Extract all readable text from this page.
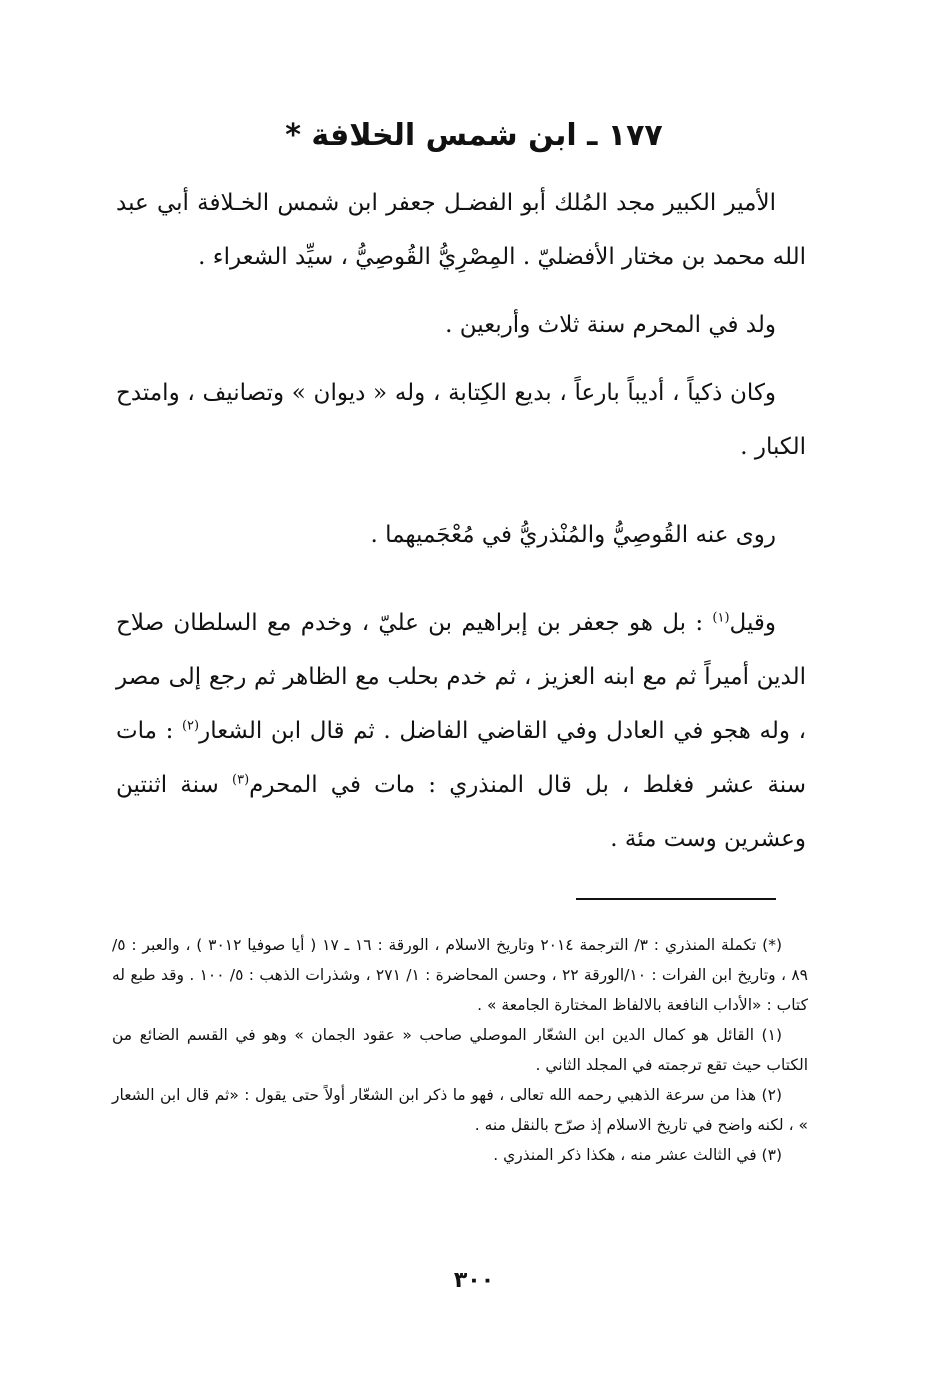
١٧٧ ـ ابن شمس الخلافة *

الأمير الكبير مجد المُلك أبو الفضـل جعفر ابن شمس الخـلافة أبي عبد الله محمد بن مختار الأفضليّ . المِصْرِيُّ القُوصِيُّ ، سيِّد الشعراء .

ولد في المحرم سنة ثلاث وأربعين .

وكان ذكياً ، أديباً بارعاً ، بديع الكِتابة ، وله « ديوان » وتصانيف ، وامتدح الكبار .

روى عنه القُوصِيُّ والمُنْذريُّ في مُعْجَميهما .

وقيل$^{(١)}$ : بل هو جعفر بن إبراهيم بن عليّ ، وخدم مع السلطان صلاح الدين أميراً ثم مع ابنه العزيز ، ثم خدم بحلب مع الظاهر ثم رجع إلى مصر ، وله هجو في العادل وفي القاضي الفاضل . ثم قال ابن الشعار$^{(٢)}$ : مات سنة عشر فغلط ، بل قال المنذري : مات في المحرم$^{(٣)}$ سنة اثنتين وعشرين وست مئة .

(*) تكملة المنذري : ٣/ الترجمة ٢٠١٤ وتاريخ الاسلام ، الورقة : ١٦ ـ ١٧ ( أيا صوفيا ٣٠١٢ ) ، والعبر : ٥/ ٨٩ ، وتاريخ ابن الفرات : ١٠/الورقة ٢٢ ، وحسن المحاضرة : ١/ ٢٧١ ، وشذرات الذهب : ٥/ ١٠٠ . وقد طبع له كتاب : «الأداب النافعة بالالفاظ المختارة الجامعة » .

(١) القائل هو كمال الدين ابن الشعّار الموصلي صاحب « عقود الجمان » وهو في القسم الضائع من الكتاب حيث تقع ترجمته في المجلد الثاني .

(٢) هذا من سرعة الذهبي رحمه الله تعالى ، فهو ما ذكر ابن الشعّار أولاً حتى يقول : «ثم قال ابن الشعار » ، لكنه واضح في تاريخ الاسلام إذ صرّح بالنقل منه .

(٣) في الثالث عشر منه ، هكذا ذكر المنذري .

٣٠٠
